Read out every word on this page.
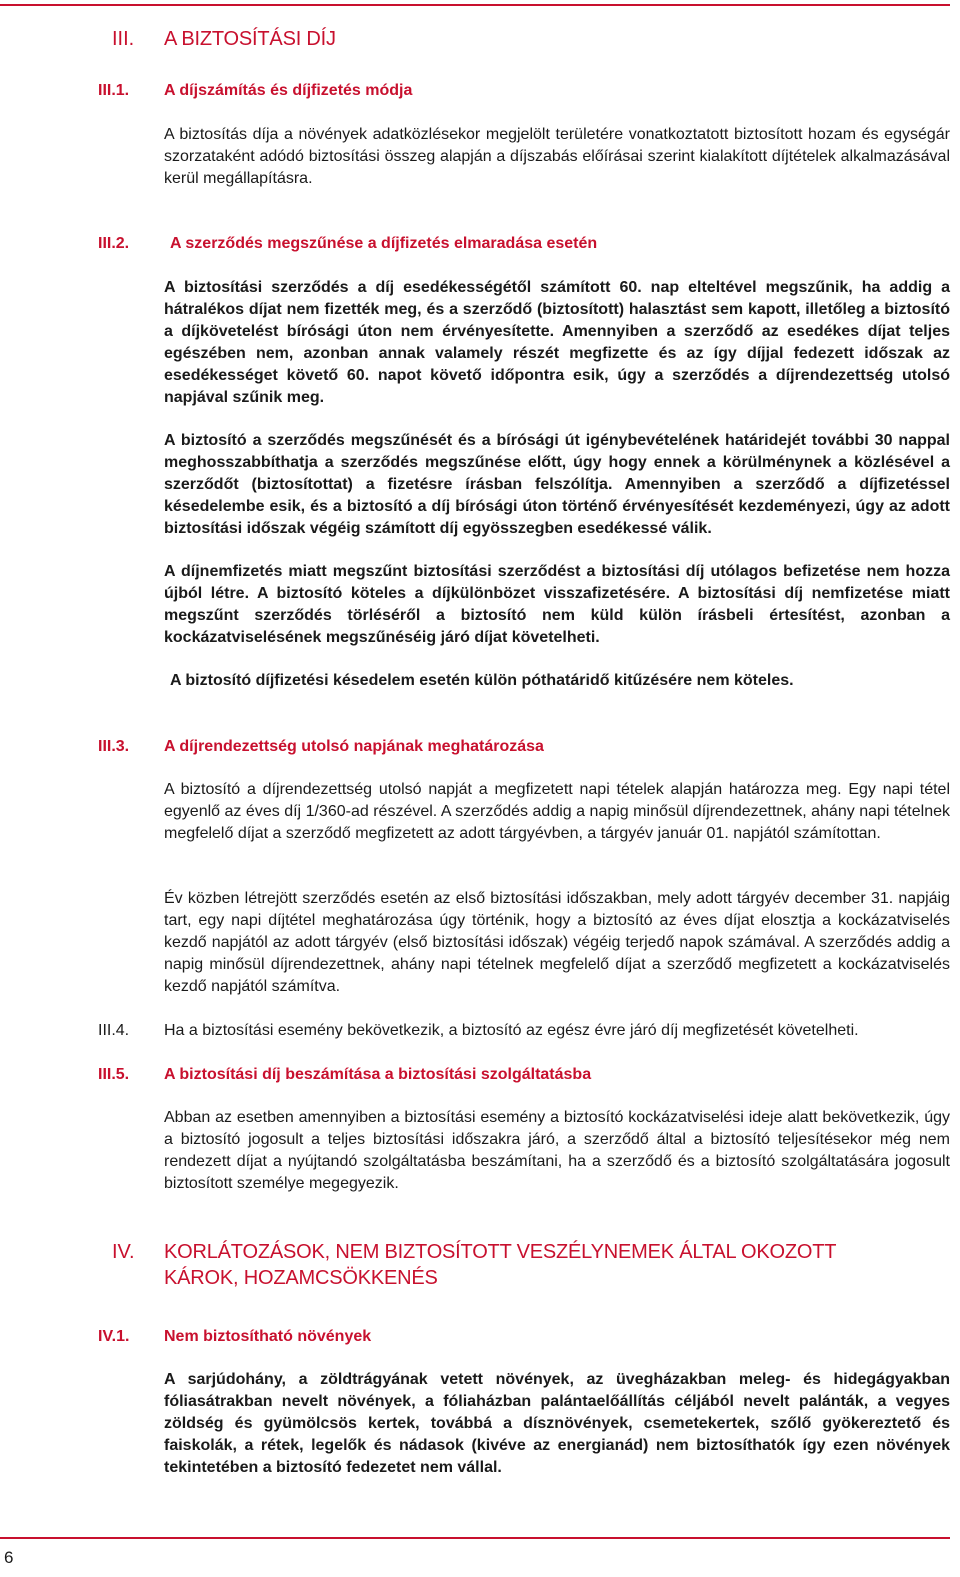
III.	A BIZTOSÍTÁSI DÍJ
III.1.	A díjszámítás és díjfizetés módja

A biztosítás díja a növények adatközlésekor megjelölt területére vonatkoztatott biztosított hozam és egységár szorzataként adódó biztosítási összeg alapján a díjszabás előírásai szerint kialakított díjtételek alkalmazásával kerül megállapításra.

III.2.	A szerződés megszűnése a díjfizetés elmaradása esetén

A biztosítási szerződés a díj esedékességétől számított 60. nap elteltével megszűnik, ha addig a hátralékos díjat nem fizették meg, és a szerződő (biztosított) halasztást sem kapott, illetőleg a biztosító a díjkövetelést bírósági úton nem érvényesítette. Amennyiben a szerződő az esedékes díjat teljes egészében nem, azonban annak valamely részét megfizette és az így díjjal fedezett időszak az esedékességet követő 60. napot követő időpontra esik, úgy a szerződés a díjrendezettség utolsó napjával szűnik meg.

A biztosító a szerződés megszűnését és a bírósági út igénybevételének határidejét további 30 nappal meghosszabbíthatja a szerződés megszűnése előtt, úgy hogy ennek a körülménynek a közlésével a szerződőt (biztosítottat) a fizetésre írásban felszólítja. Amennyiben a szerződő a díjfizetéssel késedelembe esik, és a biztosító a díj bírósági úton történő érvényesítését kezdeményezi, úgy az adott biztosítási időszak végéig számított díj egyösszegben esedékessé válik.

A díjnemfizetés miatt megszűnt biztosítási szerződést a biztosítási díj utólagos befizetése nem hozza újból létre. A biztosító köteles a díjkülönbözet visszafizetésére. A biztosítási díj nemfizetése miatt megszűnt szerződés törléséről a biztosító nem küld külön írásbeli értesítést, azonban a kockázatviselésének megszűnéséig járó díjat követelheti.

A biztosító díjfizetési késedelem esetén külön póthatáridő kitűzésére nem köteles.

III.3.	A díjrendezettség utolsó napjának meghatározása

A biztosító a díjrendezettség utolsó napját a megfizetett napi tételek alapján határozza meg. Egy napi tétel egyenlő az éves díj 1/360-ad részével. A szerződés addig a napig minősül díjrendezettnek, ahány napi tételnek megfelelő díjat a szerződő megfizetett az adott tárgyévben, a tárgyév január 01. napjától számítottan.

Év közben létrejött szerződés esetén az első biztosítási időszakban, mely adott tárgyév december 31. napjáig tart, egy napi díjtétel meghatározása úgy történik, hogy a biztosító az éves díjat elosztja a kockázatviselés kezdő napjától az adott tárgyév (első biztosítási időszak) végéig terjedő napok számával. A szerződés addig a napig minősül díjrendezettnek, ahány napi tételnek megfelelő díjat a szerződő megfizetett a kockázatviselés kezdő napjától számítva.

III.4.	Ha a biztosítási esemény bekövetkezik, a biztosító az egész évre járó díj megfizetését követelheti.

III.5.	A biztosítási díj beszámítása a biztosítási szolgáltatásba

Abban az esetben amennyiben a biztosítási esemény a biztosító kockázatviselési ideje alatt bekövetkezik, úgy a biztosító jogosult a teljes biztosítási időszakra járó, a szerződő által a biztosító teljesítésekor még nem rendezett díjat a nyújtandó szolgáltatásba beszámítani, ha a szerződő és a biztosító szolgáltatására jogosult biztosított személye megegyezik.

IV.	KORLÁTOZÁSOK, NEM BIZTOSÍTOTT VESZÉLYNEMEK ÁLTAL OKOZOTT
KÁROK, HOZAMCSÖKKENÉS
IV.1.	Nem biztosítható növények

A sarjúdohány, a zöldtrágyának vetett növények, az üvegházakban meleg- és hidegágyakban fóliasátrakban nevelt növények, a fóliaházban palántaelőállítás céljából nevelt palánták, a vegyes zöldség és gyümölcsös kertek, továbbá a dísznövények, csemetekertek, szőlő gyökereztető és faiskolák, a rétek, legelők és nádasok (kivéve az energianád) nem biztosíthatók így ezen növények tekintetében a biztosító fedezetet nem vállal.

6
